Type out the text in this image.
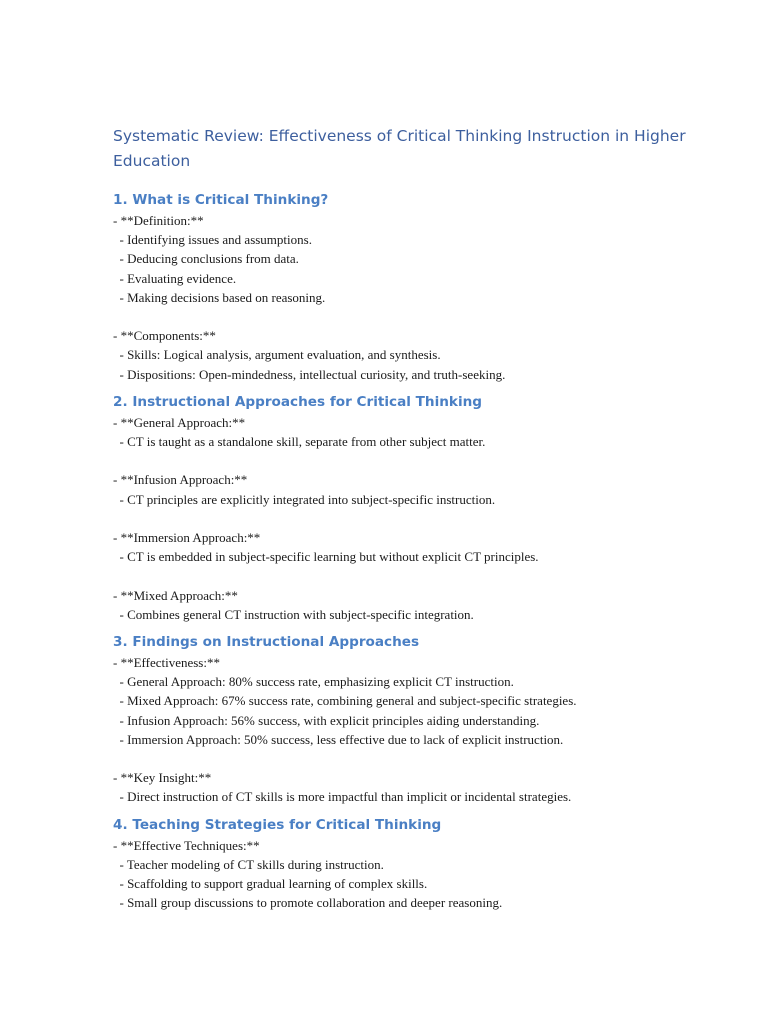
Systematic Review: Effectiveness of Critical Thinking Instruction in Higher Education
1. What is Critical Thinking?
- **Definition:**
- Identifying issues and assumptions.
- Deducing conclusions from data.
- Evaluating evidence.
- Making decisions based on reasoning.
- **Components:**
- Skills: Logical analysis, argument evaluation, and synthesis.
- Dispositions: Open-mindedness, intellectual curiosity, and truth-seeking.
2. Instructional Approaches for Critical Thinking
- **General Approach:**
- CT is taught as a standalone skill, separate from other subject matter.
- **Infusion Approach:**
- CT principles are explicitly integrated into subject-specific instruction.
- **Immersion Approach:**
- CT is embedded in subject-specific learning but without explicit CT principles.
- **Mixed Approach:**
- Combines general CT instruction with subject-specific integration.
3. Findings on Instructional Approaches
- **Effectiveness:**
- General Approach: 80% success rate, emphasizing explicit CT instruction.
- Mixed Approach: 67% success rate, combining general and subject-specific strategies.
- Infusion Approach: 56% success, with explicit principles aiding understanding.
- Immersion Approach: 50% success, less effective due to lack of explicit instruction.
- **Key Insight:**
- Direct instruction of CT skills is more impactful than implicit or incidental strategies.
4. Teaching Strategies for Critical Thinking
- **Effective Techniques:**
- Teacher modeling of CT skills during instruction.
- Scaffolding to support gradual learning of complex skills.
- Small group discussions to promote collaboration and deeper reasoning.
